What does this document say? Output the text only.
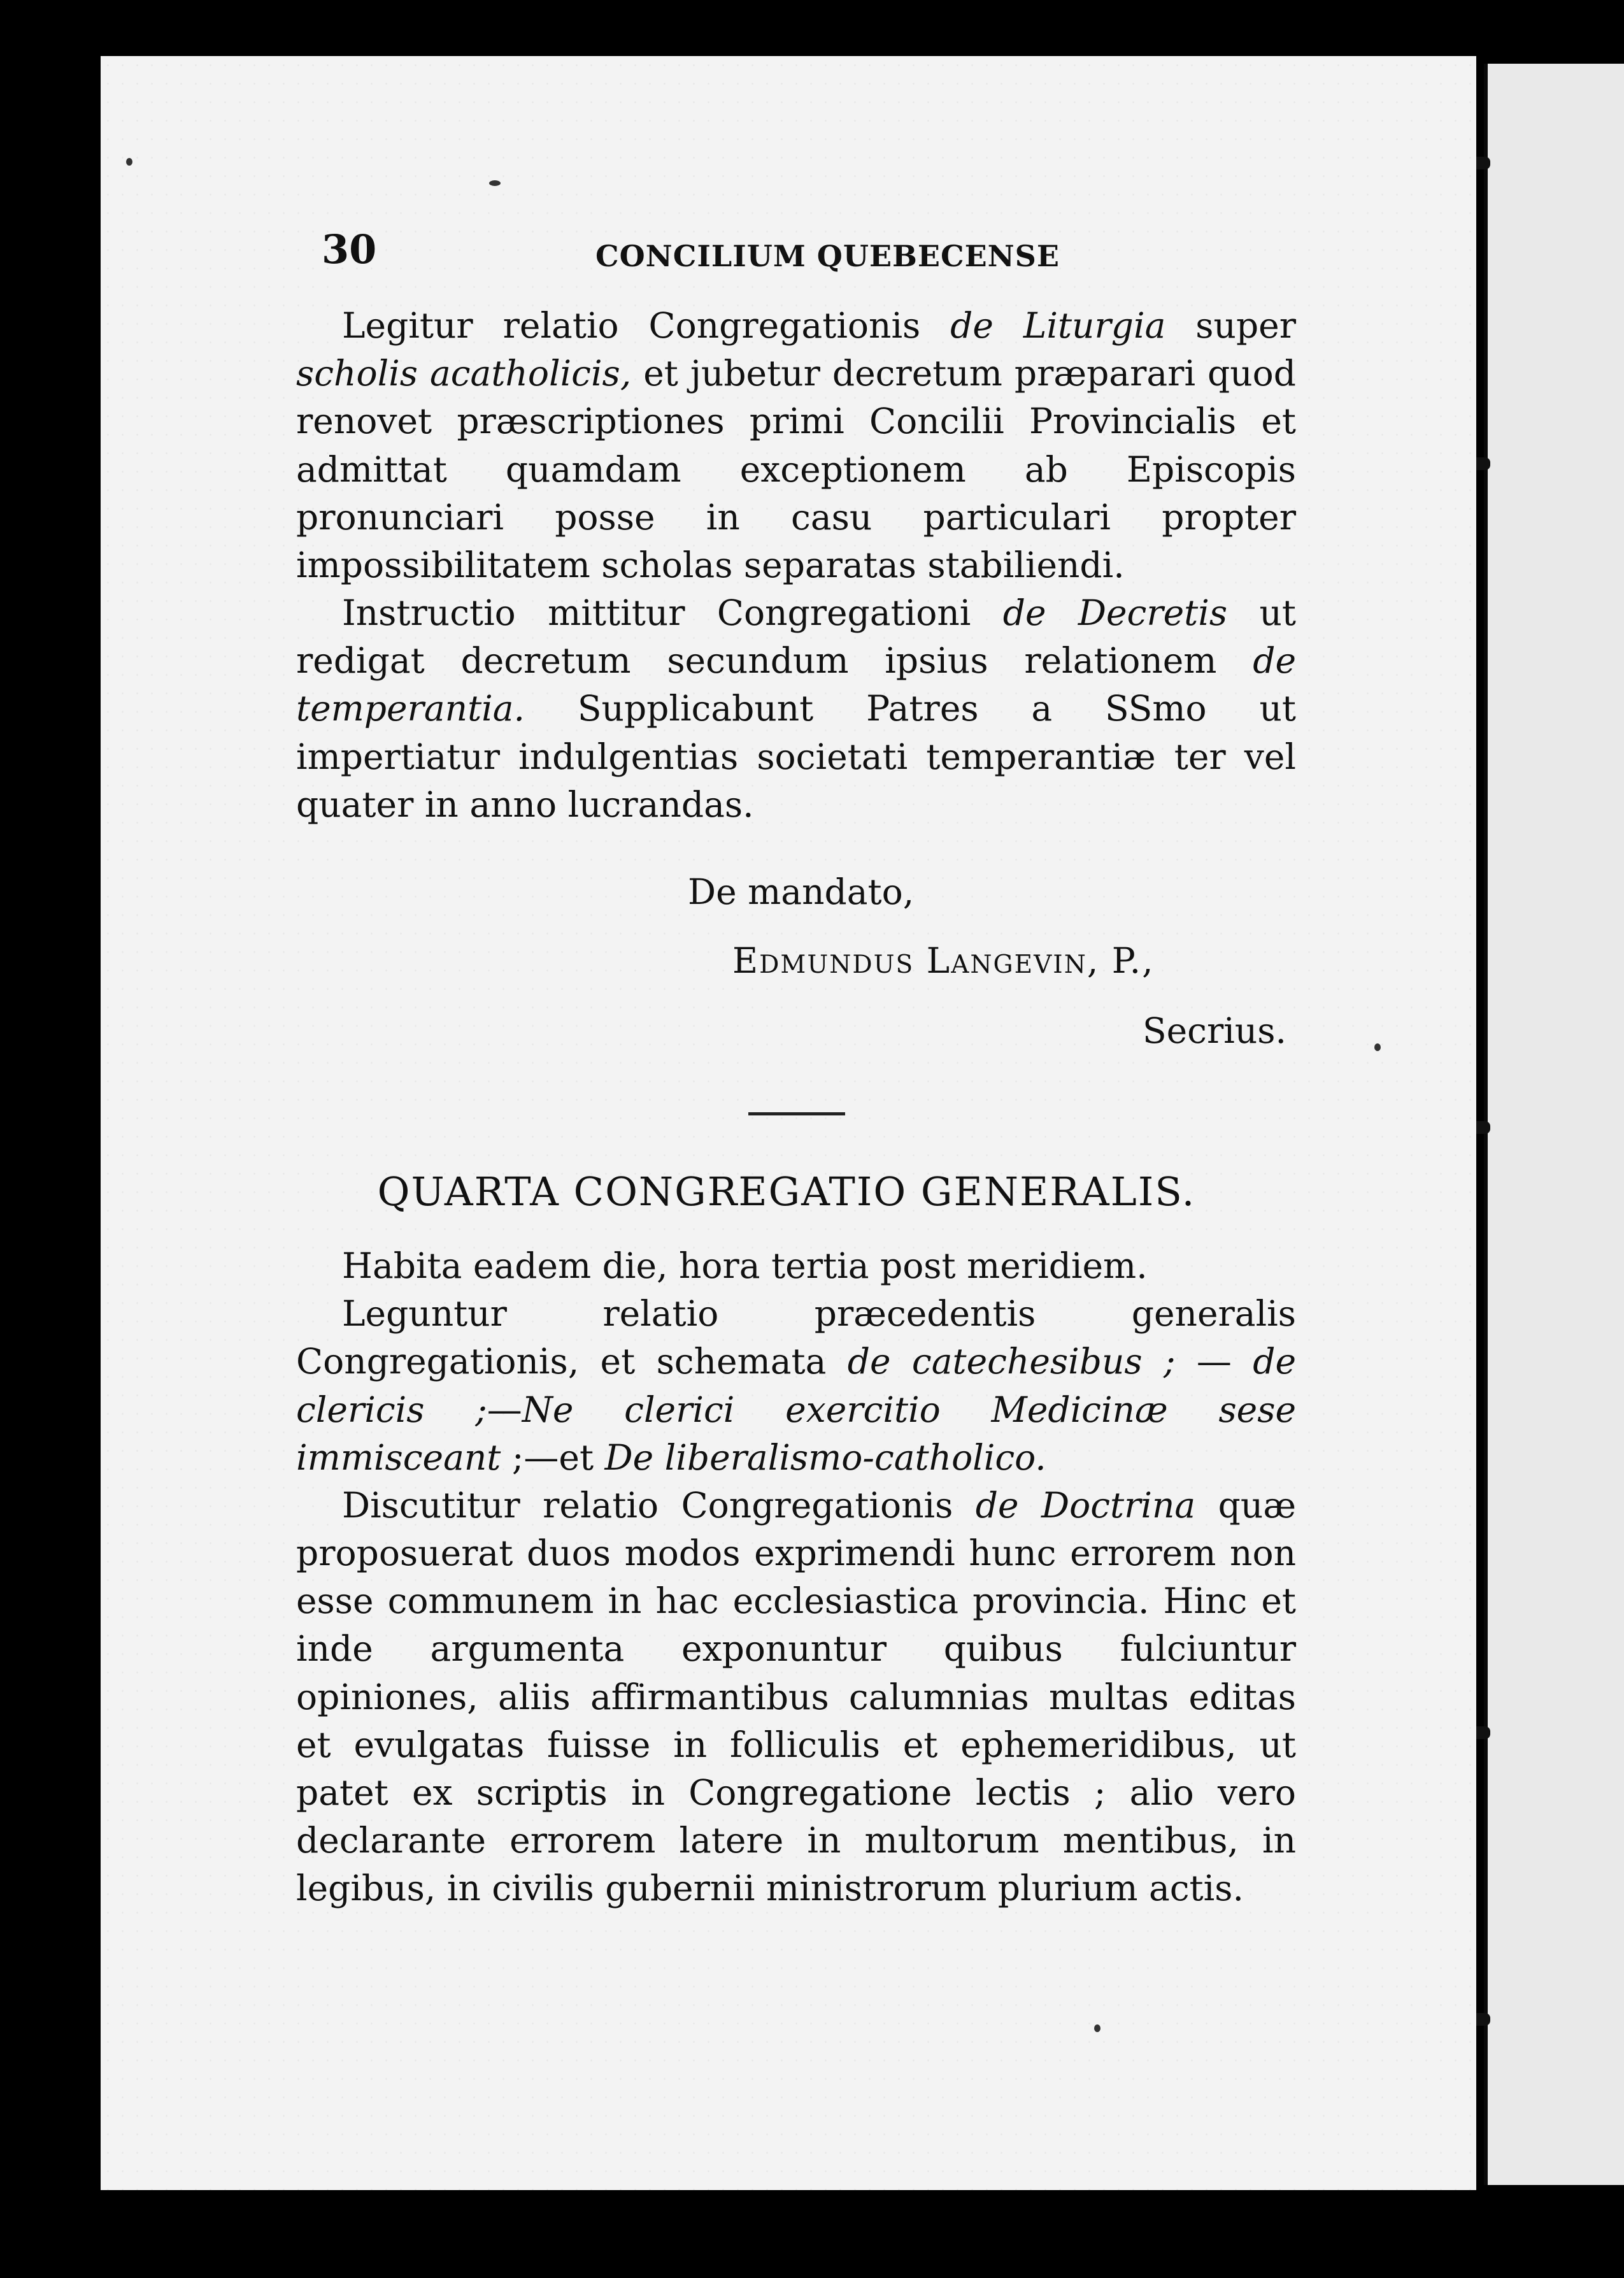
30	CONCILIUM QUEBECENSE

Legitur relatio Congregationis de Liturgia super scholis acatholicis, et jubetur decretum præparari quod renovet præscriptiones primi Concilii Provincialis et admittat quamdam exceptionem ab Episcopis pronunciari posse in casu particulari propter impossibilitatem scholas separatas stabiliendi.

Instructio mittitur Congregationi de Decretis ut redigat decretum secundum ipsius relationem de temperantia. Supplicabunt Patres a SSmo ut impertiatur indulgentias societati temperantiæ ter vel quater in anno lucrandas.

De mandato,
Edmundus Langevin, P.,
Secrius.
QUARTA CONGREGATIO GENERALIS.

Habita eadem die, hora tertia post meridiem.

Leguntur relatio præcedentis generalis Congregationis, et schemata de catechesibus ; — de clericis ;—Ne clerici exercitio Medicinæ sese immisceant ;—et De liberalismo-catholico.

Discutitur relatio Congregationis de Doctrina quæ proposuerat duos modos exprimendi hunc errorem non esse communem in hac ecclesiastica provincia. Hinc et inde argumenta exponuntur quibus fulciuntur opiniones, aliis affirmantibus calumnias multas editas et evulgatas fuisse in folliculis et ephemeridibus, ut patet ex scriptis in Congregatione lectis ; alio vero declarante errorem latere in multorum mentibus, in legibus, in civilis gubernii ministrorum plurium actis.
